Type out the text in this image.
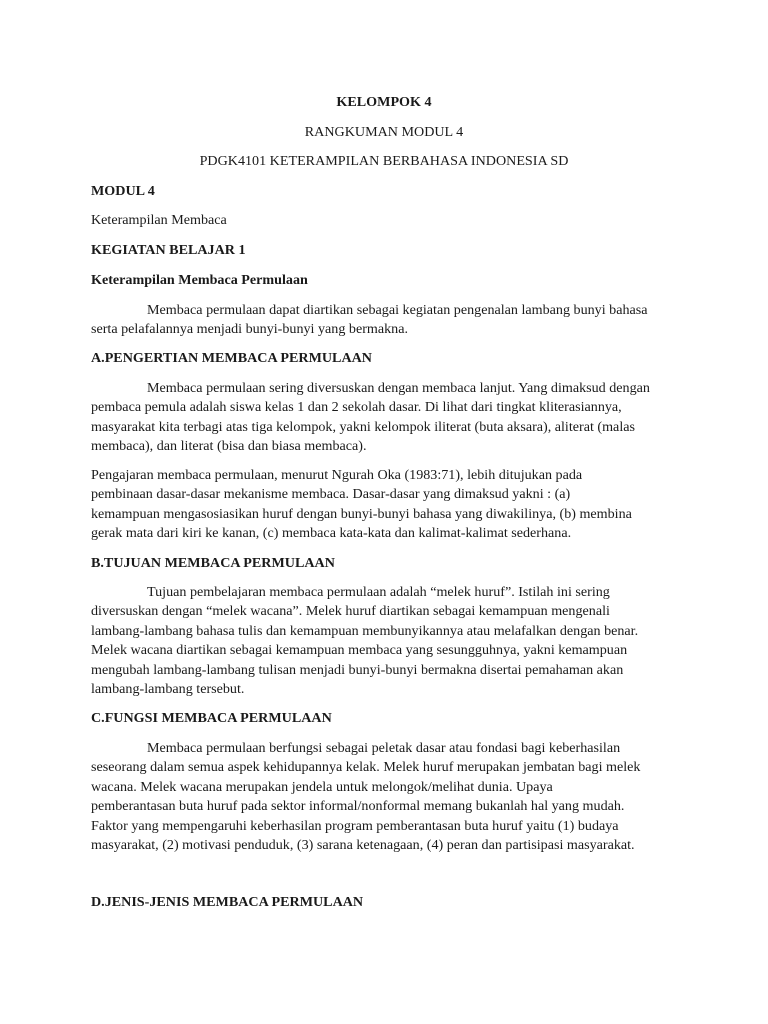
KELOMPOK 4
RANGKUMAN MODUL 4
PDGK4101 KETERAMPILAN BERBAHASA INDONESIA SD
MODUL 4
Keterampilan Membaca
KEGIATAN BELAJAR 1
Keterampilan Membaca Permulaan
Membaca permulaan dapat diartikan sebagai kegiatan pengenalan lambang bunyi bahasa
serta pelafalannya menjadi bunyi-bunyi yang bermakna.
A.PENGERTIAN MEMBACA PERMULAAN
Membaca permulaan sering diversuskan dengan membaca lanjut. Yang dimaksud dengan
pembaca pemula adalah siswa kelas 1 dan 2 sekolah dasar. Di lihat dari tingkat kliterasiannya,
masyarakat kita terbagi atas tiga kelompok, yakni kelompok iliterat (buta aksara), aliterat (malas
membaca), dan literat (bisa dan biasa membaca).
Pengajaran membaca permulaan, menurut Ngurah Oka (1983:71), lebih ditujukan pada
pembinaan dasar-dasar mekanisme membaca. Dasar-dasar yang dimaksud yakni : (a)
kemampuan mengasosiasikan huruf dengan bunyi-bunyi bahasa yang diwakilinya, (b) membina
gerak mata dari kiri ke kanan, (c) membaca kata-kata dan kalimat-kalimat sederhana.
B.TUJUAN MEMBACA PERMULAAN
Tujuan pembelajaran membaca permulaan adalah “melek huruf”. Istilah ini sering
diversuskan dengan “melek wacana”. Melek huruf diartikan sebagai kemampuan mengenali
lambang-lambang bahasa tulis dan kemampuan membunyikannya atau melafalkan dengan benar.
Melek wacana diartikan sebagai kemampuan membaca yang sesungguhnya, yakni kemampuan
mengubah lambang-lambang tulisan menjadi bunyi-bunyi bermakna disertai pemahaman akan
lambang-lambang tersebut.
C.FUNGSI MEMBACA PERMULAAN
Membaca permulaan berfungsi sebagai peletak dasar atau fondasi bagi keberhasilan
seseorang dalam semua aspek kehidupannya kelak. Melek huruf merupakan jembatan bagi melek
wacana. Melek wacana merupakan jendela untuk melongok/melihat dunia. Upaya
pemberantasan buta huruf pada sektor informal/nonformal memang bukanlah hal yang mudah.
Faktor yang mempengaruhi keberhasilan program pemberantasan buta huruf yaitu (1) budaya
masyarakat, (2) motivasi penduduk, (3) sarana ketenagaan, (4) peran dan partisipasi masyarakat.
D.JENIS-JENIS MEMBACA PERMULAAN
